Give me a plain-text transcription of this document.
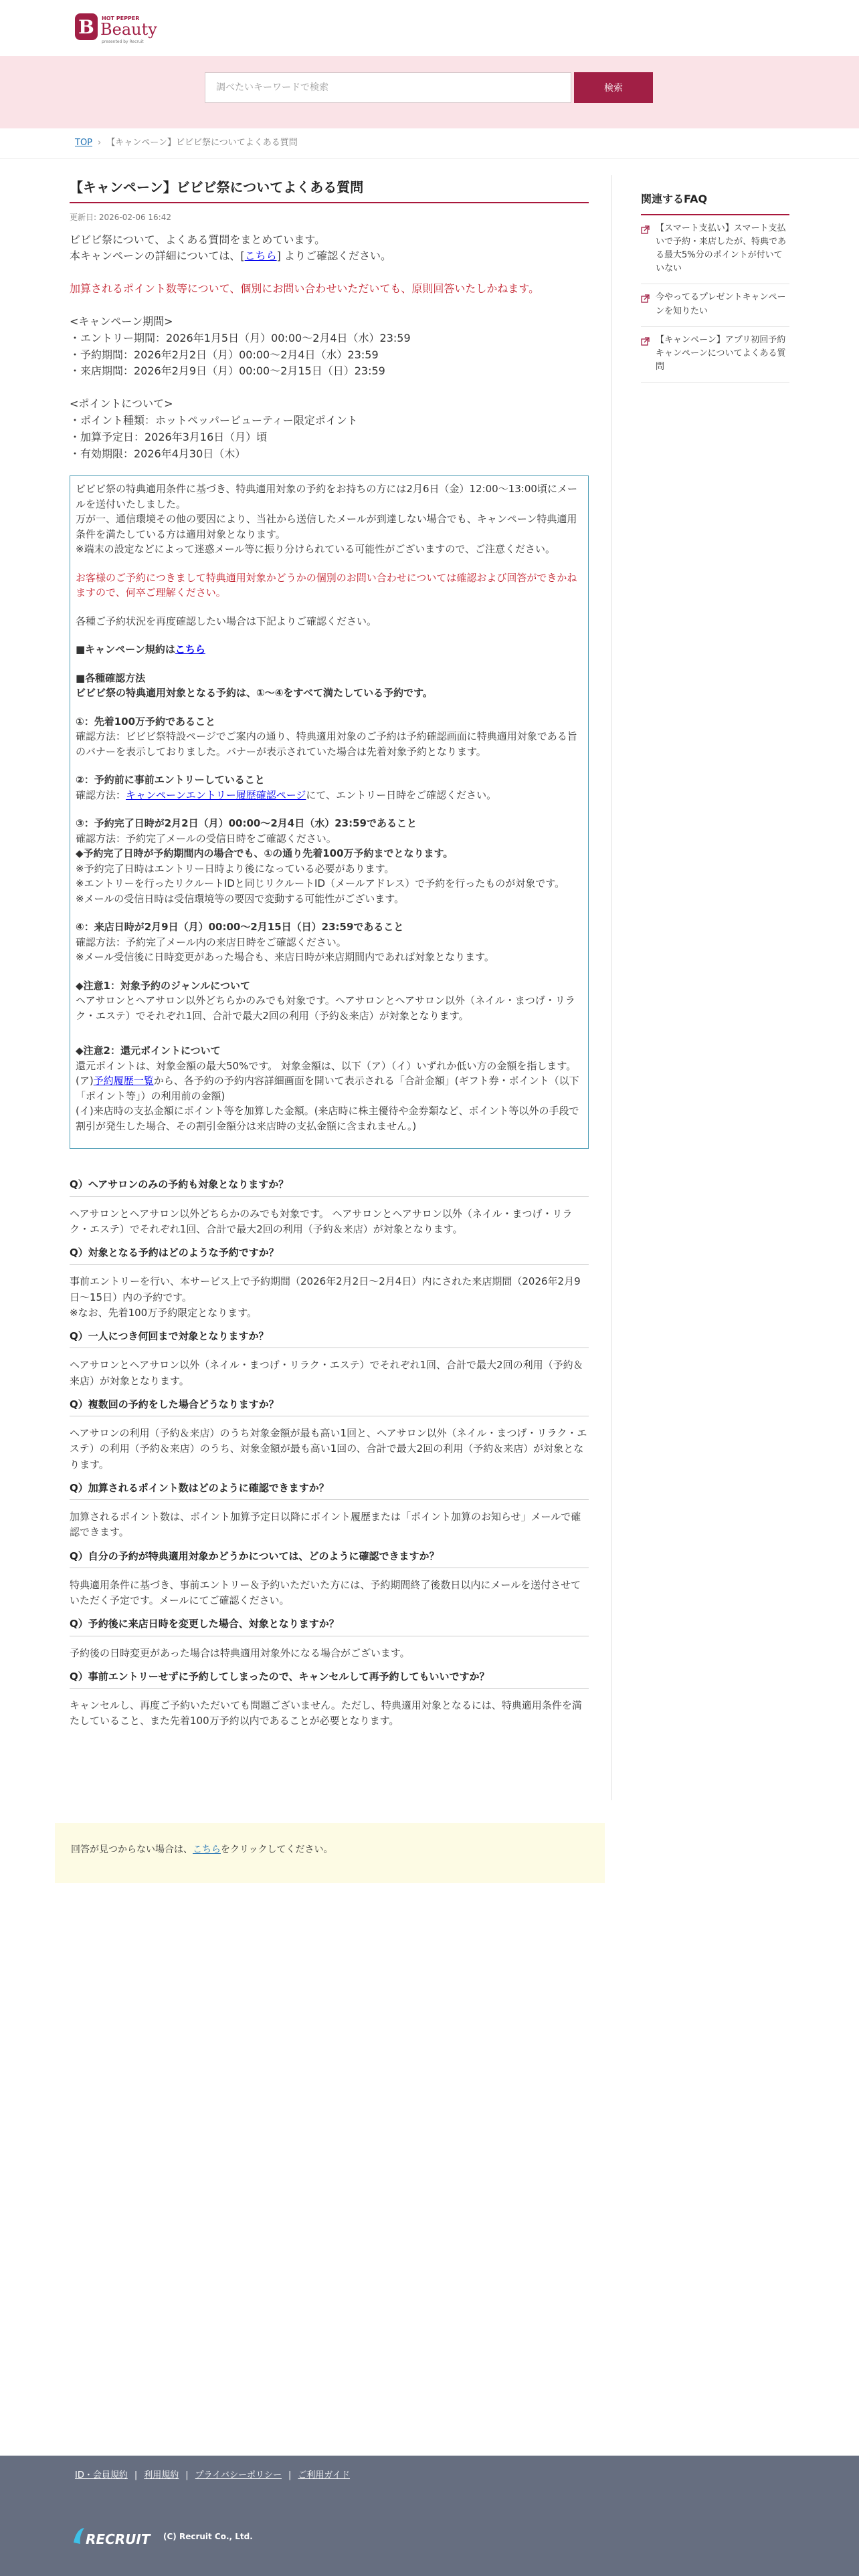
B HOT PEPPER
Beauty
presented by Recruit
調べたいキーワードで検索
検索
TOP › 【キャンペーン】ビビビ祭についてよくある質問
【キャンペーン】ビビビ祭についてよくある質問
更新日: 2026-02-06 16:42
ビビビ祭について、よくある質問をまとめています。
本キャンペーンの詳細については、[こちら] よりご確認ください。
加算されるポイント数等について、個別にお問い合わせいただいても、原則回答いたしかねます。
<キャンペーン期間>
・エントリー期間：2026年1月5日（月）00:00〜2月4日（水）23:59
・予約期間：2026年2月2日（月）00:00〜2月4日（水）23:59
・来店期間：2026年2月9日（月）00:00〜2月15日（日）23:59
<ポイントについて>
・ポイント種類：ホットペッパービューティー限定ポイント
・加算予定日：2026年3月16日（月）頃
・有効期限：2026年4月30日（木）
ビビビ祭の特典適用条件に基づき、特典適用対象の予約をお持ちの方には2月6日（金）12:00〜13:00頃にメールを送付いたしました。
万が一、通信環境その他の要因により、当社から送信したメールが到達しない場合でも、キャンペーン特典適用条件を満たしている方は適用対象となります。
※端末の設定などによって迷惑メール等に振り分けられている可能性がございますので、ご注意ください。
お客様のご予約につきまして特典適用対象かどうかの個別のお問い合わせについては確認および回答ができかねますので、何卒ご理解ください。
各種ご予約状況を再度確認したい場合は下記よりご確認ください。
■キャンペーン規約はこちら
■各種確認方法
ビビビ祭の特典適用対象となる予約は、①〜④をすべて満たしている予約です。
①：先着100万予約であること
確認方法：ビビビ祭特設ページでご案内の通り、特典適用対象のご予約は予約確認画面に特典適用対象である旨のバナーを表示しておりました。バナーが表示されていた場合は先着対象予約となります。
②：予約前に事前エントリーしていること
確認方法：キャンペーンエントリー履歴確認ページにて、エントリー日時をご確認ください。
③：予約完了日時が2月2日（月）00:00〜2月4日（水）23:59であること
確認方法：予約完了メールの受信日時をご確認ください。
◆予約完了日時が予約期間内の場合でも、①の通り先着100万予約までとなります。
※予約完了日時はエントリー日時より後になっている必要があります。
※エントリーを行ったリクルートIDと同じリクルートID（メールアドレス）で予約を行ったものが対象です。
※メールの受信日時は受信環境等の要因で変動する可能性がございます。
④：来店日時が2月9日（月）00:00〜2月15日（日）23:59であること
確認方法：予約完了メール内の来店日時をご確認ください。
※メール受信後に日時変更があった場合も、来店日時が来店期間内であれば対象となります。
◆注意1：対象予約のジャンルについて
ヘアサロンとヘアサロン以外どちらかのみでも対象です。ヘアサロンとヘアサロン以外（ネイル・まつげ・リラク・エステ）でそれぞれ1回、合計で最大2回の利用（予約＆来店）が対象となります。
◆注意2：還元ポイントについて
還元ポイントは、対象金額の最大50%です。 対象金額は、以下（ア）（イ）いずれか低い方の金額を指します。
(ア)予約履歴一覧から、各予約の予約内容詳細画面を開いて表示される「合計金額」(ギフト券・ポイント（以下「ポイント等」）の利用前の金額)
(イ)来店時の支払金額にポイント等を加算した金額。(来店時に株主優待や金券類など、ポイント等以外の手段で割引が発生した場合、その割引金額分は来店時の支払金額に含まれません。)
Q）ヘアサロンのみの予約も対象となりますか？
ヘアサロンとヘアサロン以外どちらかのみでも対象です。 ヘアサロンとヘアサロン以外（ネイル・まつげ・リラク・エステ）でそれぞれ1回、合計で最大2回の利用（予約＆来店）が対象となります。
Q）対象となる予約はどのような予約ですか？
事前エントリーを行い、本サービス上で予約期間（2026年2月2日〜2月4日）内にされた来店期間（2026年2月9日〜15日）内の予約です。
※なお、先着100万予約限定となります。
Q）一人につき何回まで対象となりますか？
ヘアサロンとヘアサロン以外（ネイル・まつげ・リラク・エステ）でそれぞれ1回、合計で最大2回の利用（予約＆来店）が対象となります。
Q）複数回の予約をした場合どうなりますか？
ヘアサロンの利用（予約＆来店）のうち対象金額が最も高い1回と、ヘアサロン以外（ネイル・まつげ・リラク・エステ）の利用（予約＆来店）のうち、対象金額が最も高い1回の、合計で最大2回の利用（予約＆来店）が対象となります。
Q）加算されるポイント数はどのように確認できますか？
加算されるポイント数は、ポイント加算予定日以降にポイント履歴または「ポイント加算のお知らせ」メールで確認できます。
Q）自分の予約が特典適用対象かどうかについては、どのように確認できますか？
特典適用条件に基づき、事前エントリー＆予約いただいた方には、予約期間終了後数日以内にメールを送付させていただく予定です。メールにてご確認ください。
Q）予約後に来店日時を変更した場合、対象となりますか？
予約後の日時変更があった場合は特典適用対象外になる場合がございます。
Q）事前エントリーせずに予約してしまったので、キャンセルして再予約してもいいですか？
キャンセルし、再度ご予約いただいても問題ございません。ただし、特典適用対象となるには、特典適用条件を満たしていること、また先着100万予約以内であることが必要となります。
関連するFAQ
【スマート支払い】スマート支払いで予約・来店したが、特典である最大5%分のポイントが付いていない
今やってるプレゼントキャンペーンを知りたい
【キャンペーン】アプリ初回予約キャンペーンについてよくある質問
回答が見つからない場合は、こちらをクリックしてください。
ID・会員規約 | 利用規約 | プライバシーポリシー | ご利用ガイド
RECRUIT (C) Recruit Co., Ltd.
